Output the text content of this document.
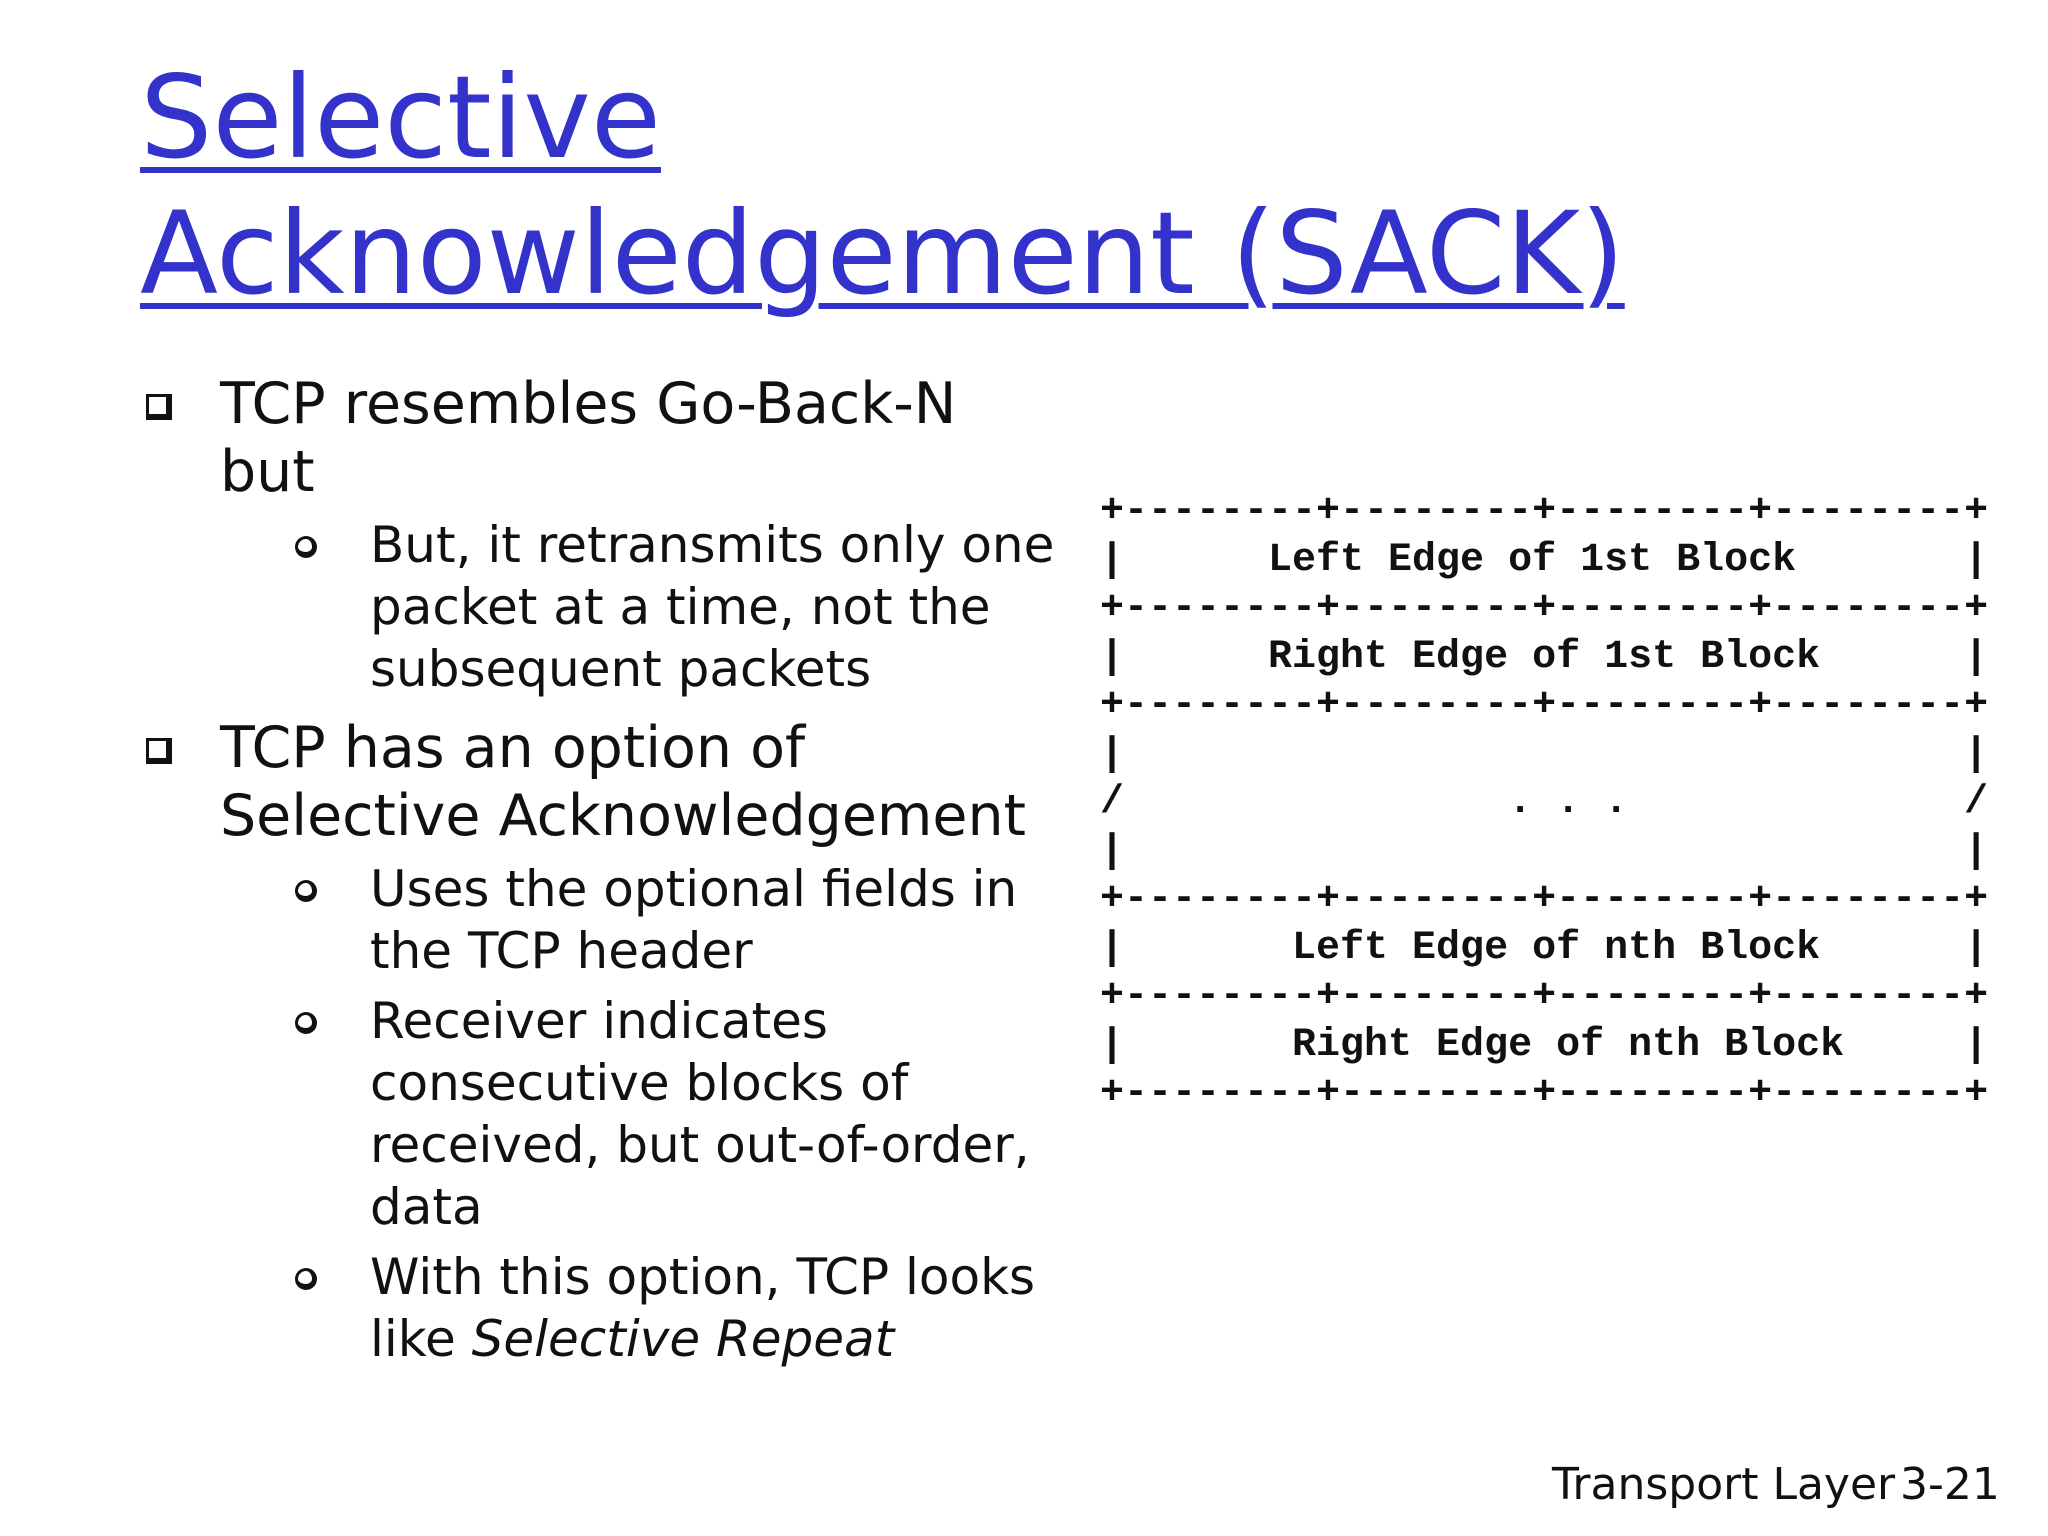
Selective Acknowledgement (SACK)
TCP resembles Go-Back-N but
But, it retransmits only one packet at a time, not the subsequent packets
TCP has an option of Selective Acknowledgement
Uses the optional fields in the TCP header
Receiver indicates consecutive blocks of received, but out-of-order, data
With this option, TCP looks like Selective Repeat
+--------+--------+--------+--------+
|      Left Edge of 1st Block       |
+--------+--------+--------+--------+
|      Right Edge of 1st Block      |
+--------+--------+--------+--------+
|                                   |
/                . . .              /
|                                   |
+--------+--------+--------+--------+
|       Left Edge of nth Block      |
+--------+--------+--------+--------+
|       Right Edge of nth Block     |
+--------+--------+--------+--------+
Transport Layer 3-21
